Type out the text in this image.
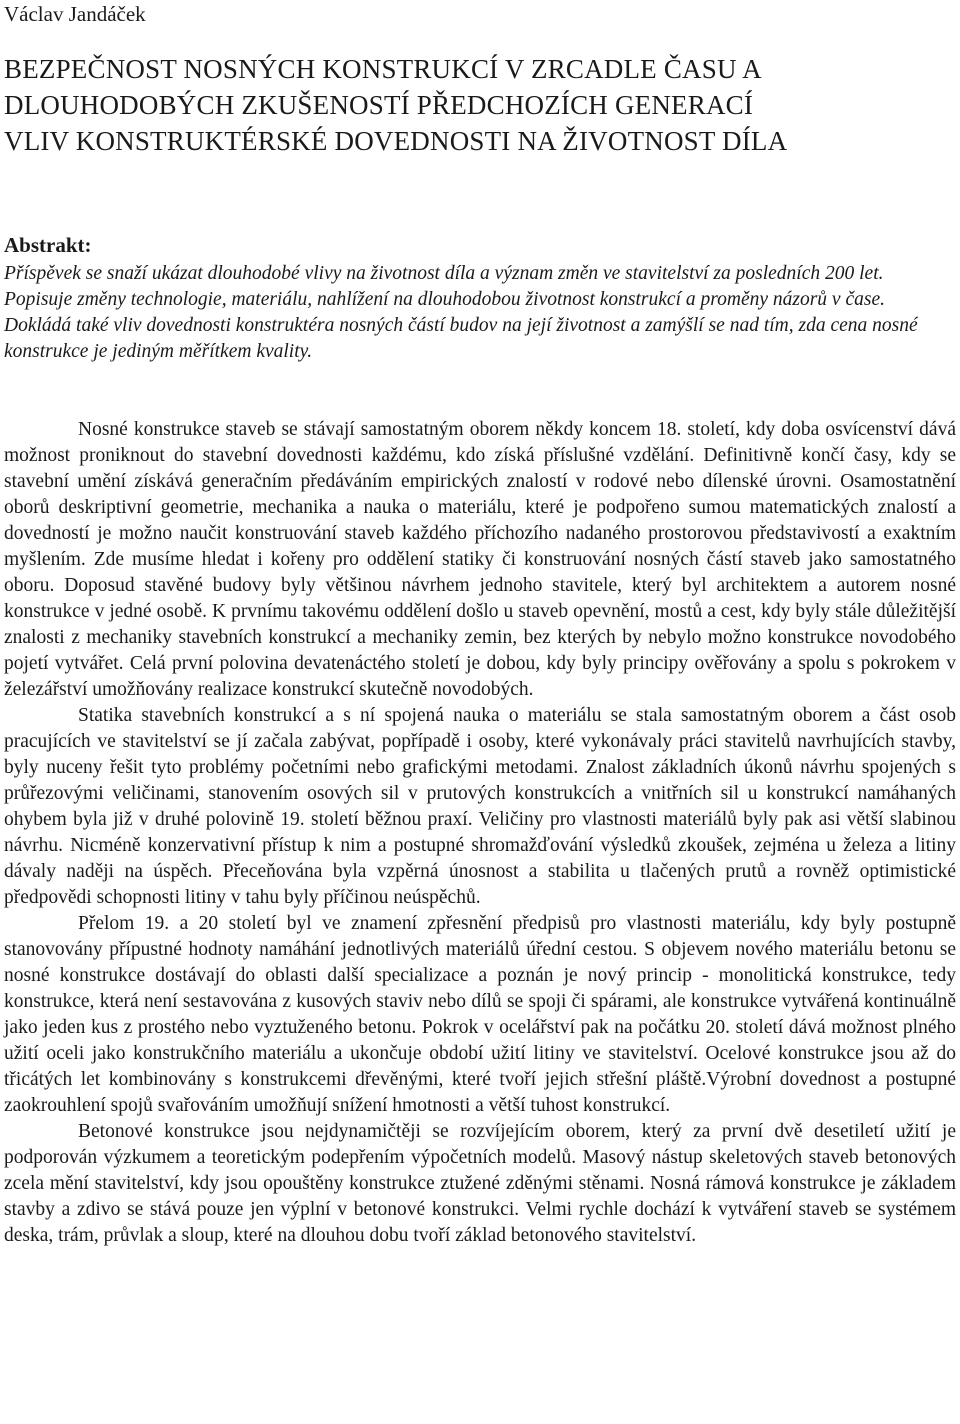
Václav Jandáček

BEZPEČNOST NOSNÝCH KONSTRUKCÍ V ZRCADLE ČASU A
DLOUHODOBÝCH ZKUŠENOSTÍ PŘEDCHOZÍCH GENERACÍ
VLIV KONSTRUKTÉRSKÉ DOVEDNOSTI NA ŽIVOTNOST DÍLA

Abstrakt:

Příspěvek se snaží ukázat dlouhodobé vlivy na životnost díla a význam změn ve stavitelství za posledních 200 let. Popisuje změny technologie, materiálu, nahlížení na dlouhodobou životnost konstrukcí a proměny názorů v čase. Dokládá také vliv dovednosti konstruktéra nosných částí budov na její životnost a zamýšlí se nad tím, zda cena nosné konstrukce je jediným měřítkem kvality.

Nosné konstrukce staveb se stávají samostatným oborem někdy koncem 18. století, kdy doba osvícenství dává možnost proniknout do stavební dovednosti každému, kdo získá příslušné vzdělání. Definitivně končí časy, kdy se stavební umění získává generačním předáváním empirických znalostí v rodové nebo dílenské úrovni. Osamostatnění oborů deskriptivní geometrie, mechanika a nauka o materiálu, které je podpořeno sumou matematických znalostí a dovedností je možno naučit konstruování staveb každého příchozího nadaného prostorovou představivostí a exaktním myšlením. Zde musíme hledat i kořeny pro oddělení statiky či konstruování nosných částí staveb jako samostatného oboru. Doposud stavěné budovy byly většinou návrhem jednoho stavitele, který byl architektem a autorem nosné konstrukce v jedné osobě. K prvnímu takovému oddělení došlo u staveb opevnění, mostů a cest, kdy byly stále důležitější znalosti z mechaniky stavebních konstrukcí a mechaniky zemin, bez kterých by nebylo možno konstrukce novodobého pojetí vytvářet. Celá první polovina devatenáctého století je dobou, kdy byly principy ověřovány a spolu s pokrokem v železářství umožňovány realizace konstrukcí skutečně novodobých.

Statika stavebních konstrukcí a s ní spojená nauka o materiálu se stala samostatným oborem a část osob pracujících ve stavitelství se jí začala zabývat, popřípadě i osoby, které vykonávaly práci stavitelů navrhujících stavby, byly nuceny řešit tyto problémy početními nebo grafickými metodami. Znalost základních úkonů návrhu spojených s průřezovými veličinami, stanovením osových sil v prutových konstrukcích a vnitřních sil u konstrukcí namáhaných ohybem byla již v druhé polovině 19. století běžnou praxí. Veličiny pro vlastnosti materiálů byly pak asi větší slabinou návrhu. Nicméně konzervativní přístup k nim a postupné shromažďování výsledků zkoušek, zejména u železa a litiny dávaly naději na úspěch. Přeceňována byla vzpěrná únosnost a stabilita u tlačených prutů a rovněž optimistické předpovědi schopnosti litiny v tahu byly příčinou neúspěchů.

Přelom 19. a 20 století byl ve znamení zpřesnění předpisů pro vlastnosti materiálu, kdy byly postupně stanovovány přípustné hodnoty namáhání jednotlivých materiálů úřední cestou. S objevem nového materiálu betonu se nosné konstrukce dostávají do oblasti další specializace a poznán je nový princip - monolitická konstrukce, tedy konstrukce, která není sestavována z kusových staviv nebo dílů se spoji či spárami, ale konstrukce vytvářená kontinuálně jako jeden kus z prostého nebo vyztuženého betonu. Pokrok v ocelářství pak na počátku 20. století dává možnost plného užití oceli jako konstrukčního materiálu a ukončuje období užití litiny ve stavitelství. Ocelové konstrukce jsou až do třicátých let kombinovány s konstrukcemi dřevěnými, které tvoří jejich střešní pláště.Výrobní dovednost a postupné zaokrouhlení spojů svařováním umožňují snížení hmotnosti a větší tuhost konstrukcí.

Betonové konstrukce jsou nejdynamičtěji se rozvíjejícím oborem, který za první dvě desetiletí užití je podporován výzkumem a teoretickým podepřením výpočetních modelů. Masový nástup skeletových staveb betonových zcela mění stavitelství, kdy jsou opouštěny konstrukce ztužené zděnými stěnami. Nosná rámová konstrukce je základem stavby a zdivo se stává pouze jen výplní v betonové konstrukci. Velmi rychle dochází k vytváření staveb se systémem deska, trám, průvlak a sloup, které na dlouhou dobu tvoří základ betonového stavitelství.
